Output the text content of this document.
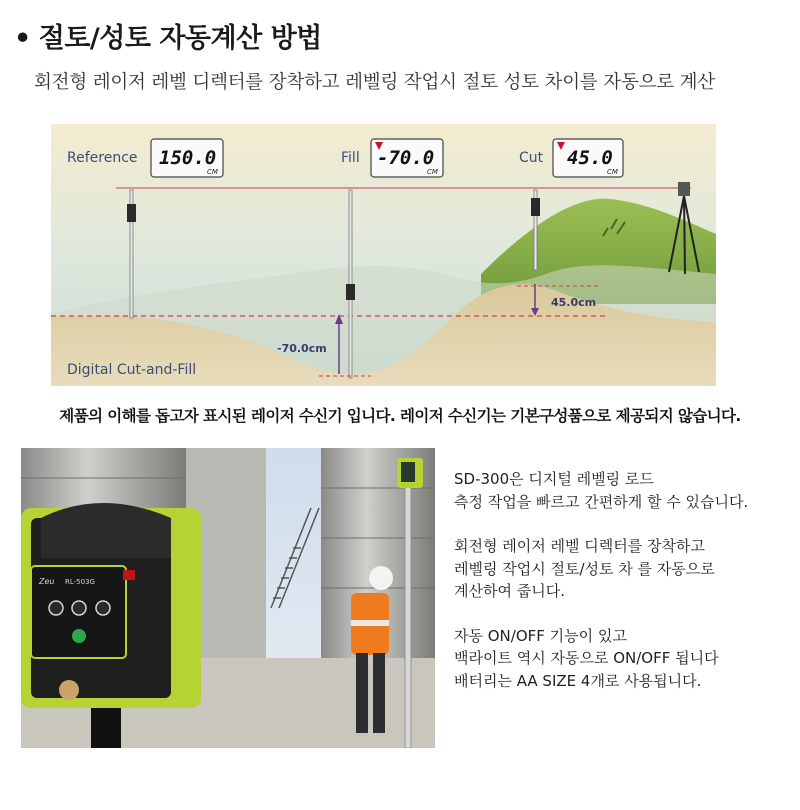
• 절토/성토 자동계산 방법
회전형 레이저 레벨 디렉터를 장착하고 레벨링 작업시 절토 성토 차이를 자동으로 계산
-70.0cm
45.0cm
Reference 150.0
CM
Fill -70.0
CM
Cut 45.0
CM
Digital Cut-and-Fill
제품의 이해를 돕고자 표시된 레이저 수신기 입니다. 레이저 수신기는 기본구성품으로 제공되지 않습니다.
Zeu RL-503G

SD-300은 디지털 레벨링 로드
측정 작업을 빠르고 간편하게 할 수 있습니다.

회전형 레이저 레벨 디렉터를 장착하고
레벨링 작업시 절토/성토 차 를 자동으로
계산하여 줍니다.

자동 ON/OFF 기능이 있고
백라이트 역시 자동으로 ON/OFF 됩니다
배터리는 AA SIZE 4개로 사용됩니다.
